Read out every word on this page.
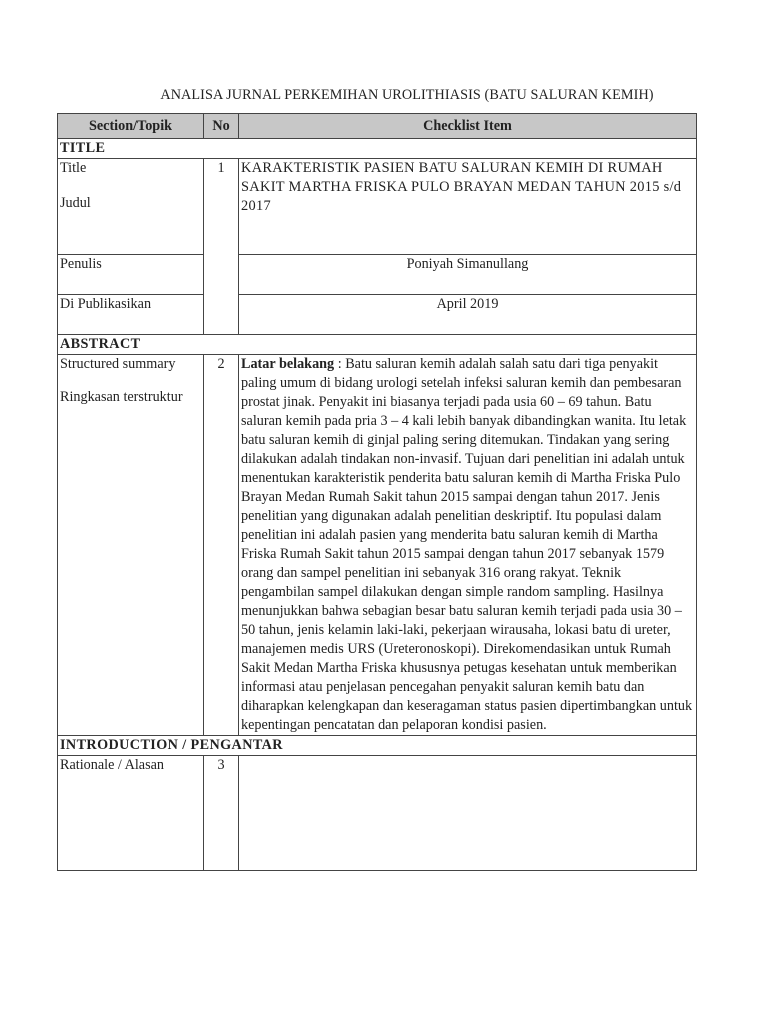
ANALISA JURNAL PERKEMIHAN UROLITHIASIS (BATU SALURAN KEMIH)
Section/Topik	No	Checklist Item
TITLE		
Title
Judul	1	KARAKTERISTIK PASIEN BATU SALURAN KEMIH DI RUMAH SAKIT MARTHA FRISKA PULO BRAYAN MEDAN TAHUN 2015 s/d 2017
Penulis		Poniyah Simanullang
Di Publikasikan		April 2019
ABSTRACT		
Structured summary
Ringkasan terstruktur	2	Latar belakang : Batu saluran kemih adalah salah satu dari tiga penyakit paling umum di bidang urologi setelah infeksi saluran kemih dan pembesaran prostat jinak. Penyakit ini biasanya terjadi pada usia 60 – 69 tahun. Batu saluran kemih pada pria 3 – 4 kali lebih banyak dibandingkan wanita. Itu letak batu saluran kemih di ginjal paling sering ditemukan. Tindakan yang sering dilakukan adalah tindakan non-invasif. Tujuan dari penelitian ini adalah untuk menentukan karakteristik penderita batu saluran kemih di Martha Friska Pulo Brayan Medan Rumah Sakit tahun 2015 sampai dengan tahun 2017. Jenis penelitian yang digunakan adalah penelitian deskriptif. Itu populasi dalam penelitian ini adalah pasien yang menderita batu saluran kemih di Martha Friska Rumah Sakit tahun 2015 sampai dengan tahun 2017 sebanyak 1579 orang dan sampel penelitian ini sebanyak 316 orang rakyat. Teknik pengambilan sampel dilakukan dengan simple random sampling. Hasilnya menunjukkan bahwa sebagian besar batu saluran kemih terjadi pada usia 30 – 50 tahun, jenis kelamin laki-laki, pekerjaan wirausaha, lokasi batu di ureter, manajemen medis URS (Ureteronoskopi). Direkomendasikan untuk Rumah Sakit Medan Martha Friska khususnya petugas kesehatan untuk memberikan informasi atau penjelasan pencegahan penyakit saluran kemih batu dan diharapkan kelengkapan dan keseragaman status pasien dipertimbangkan untuk kepentingan pencatatan dan pelaporan kondisi pasien.
INTRODUCTION / PENGANTAR		
Rationale / Alasan	3	
